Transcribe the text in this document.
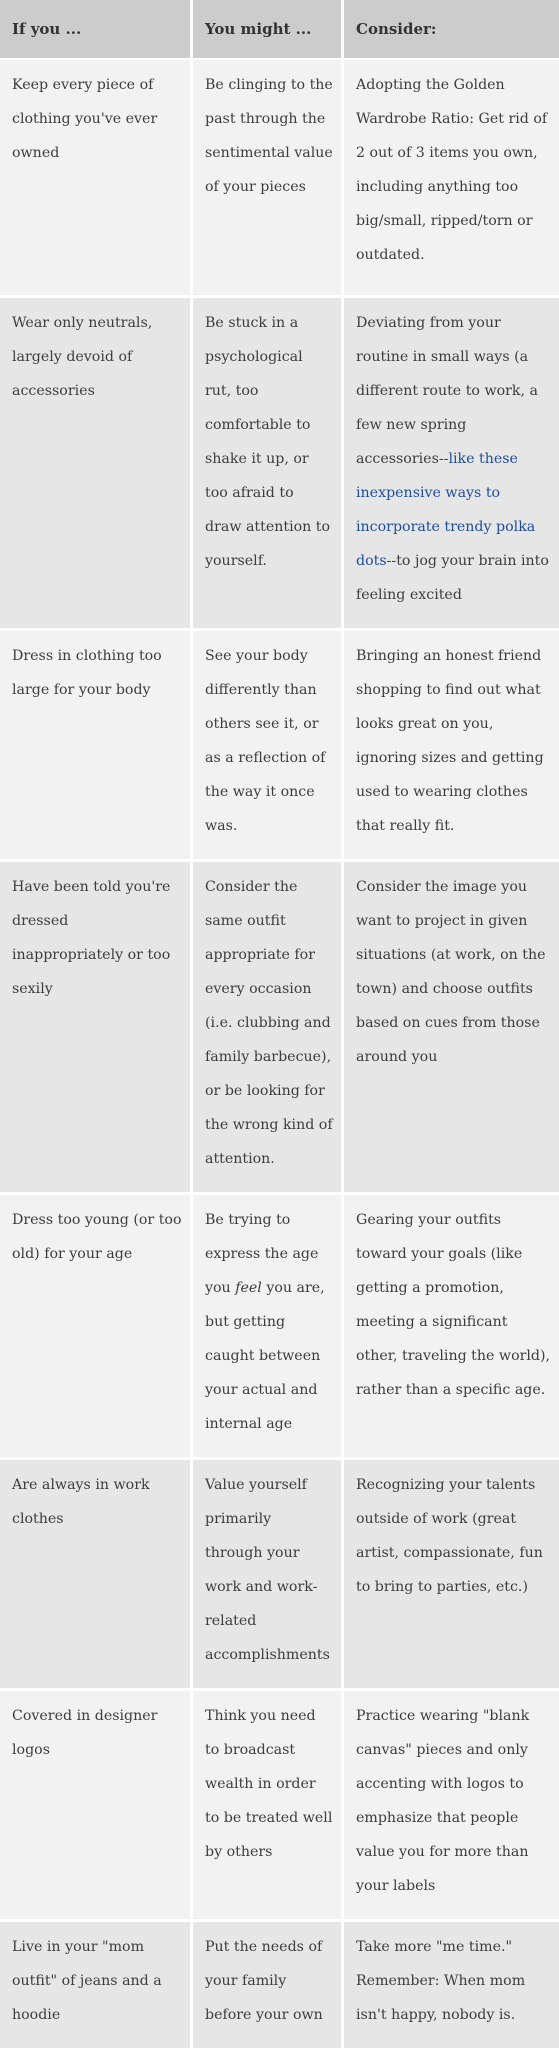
If you ...	You might ...	Consider:
Keep every piece of clothing you've ever owned	Be clinging to the past through the sentimental value of your pieces	Adopting the Golden Wardrobe Ratio: Get rid of 2 out of 3 items you own, including anything too big/small, ripped/torn or outdated.
Wear only neutrals, largely devoid of accessories	Be stuck in a psychological rut, too comfortable to shake it up, or too afraid to draw attention to yourself.	Deviating from your routine in small ways (a different route to work, a few new spring accessories--like these inexpensive ways to incorporate trendy polka dots--to jog your brain into feeling excited
Dress in clothing too large for your body	See your body differently than others see it, or as a reflection of the way it once was.	Bringing an honest friend shopping to find out what looks great on you, ignoring sizes and getting used to wearing clothes that really fit.
Have been told you're dressed inappropriately or too sexily	Consider the same outfit appropriate for every occasion (i.e. clubbing and family barbecue), or be looking for the wrong kind of attention.	Consider the image you want to project in given situations (at work, on the town) and choose outfits based on cues from those around you
Dress too young (or too old) for your age	Be trying to express the age you feel you are, but getting caught between your actual and internal age	Gearing your outfits toward your goals (like getting a promotion, meeting a significant other, traveling the world), rather than a specific age.
Are always in work clothes	Value yourself primarily through your work and work-related accomplishments	Recognizing your talents outside of work (great artist, compassionate, fun to bring to parties, etc.)
Covered in designer logos	Think you need to broadcast wealth in order to be treated well by others	Practice wearing "blank canvas" pieces and only accenting with logos to emphasize that people value you for more than your labels
Live in your "mom outfit" of jeans and a hoodie	Put the needs of your family before your own	Take more "me time." Remember: When mom isn't happy, nobody is.
